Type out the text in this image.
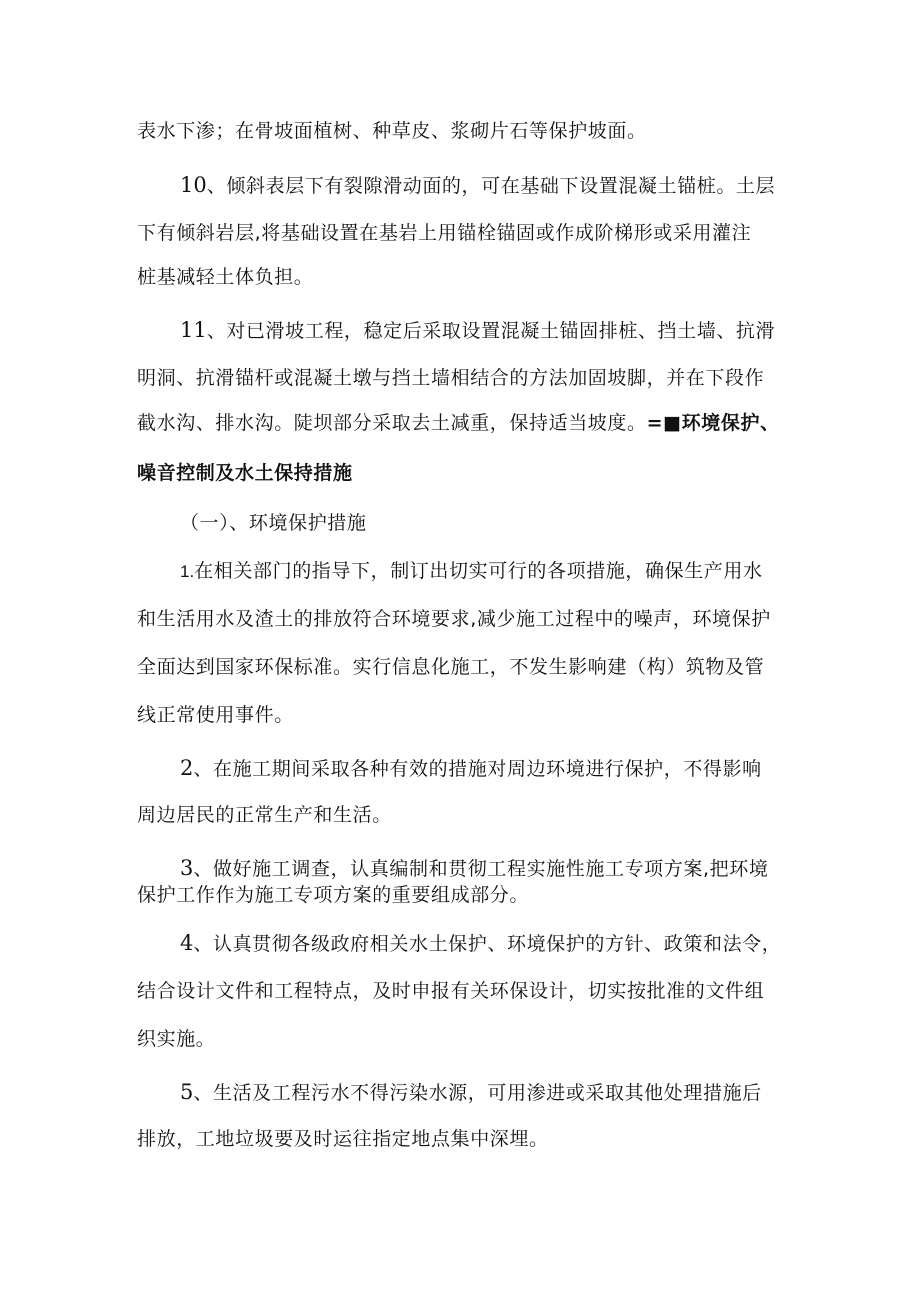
表水下渗；在骨坡面植树、种草皮、浆砌片石等保护坡面。
10、倾斜表层下有裂隙滑动面的，可在基础下设置混凝土锚桩。土层
下有倾斜岩层,将基础设置在基岩上用锚栓锚固或作成阶梯形或采用灌注
桩基减轻土体负担。
11、对已滑坡工程，稳定后采取设置混凝土锚固排桩、挡土墙、抗滑
明洞、抗滑锚杆或混凝土墩与挡土墙相结合的方法加固坡脚，并在下段作
截水沟、排水沟。陡坝部分采取去土减重，保持适当坡度。=■环境保护、
噪音控制及水土保持措施
（一）、环境保护措施
1.在相关部门的指导下，制订出切实可行的各项措施，确保生产用水
和生活用水及渣土的排放符合环境要求,减少施工过程中的噪声，环境保护
全面达到国家环保标准。实行信息化施工，不发生影响建（构）筑物及管
线正常使用事件。
2、在施工期间采取各种有效的措施对周边环境进行保护，不得影响
周边居民的正常生产和生活。
3、做好施工调查，认真编制和贯彻工程实施性施工专项方案,把环境
保护工作作为施工专项方案的重要组成部分。
4、认真贯彻各级政府相关水土保护、环境保护的方针、政策和法令，
结合设计文件和工程特点，及时申报有关环保设计，切实按批准的文件组
织实施。
5、生活及工程污水不得污染水源，可用渗进或采取其他处理措施后
排放，工地垃圾要及时运往指定地点集中深埋。
